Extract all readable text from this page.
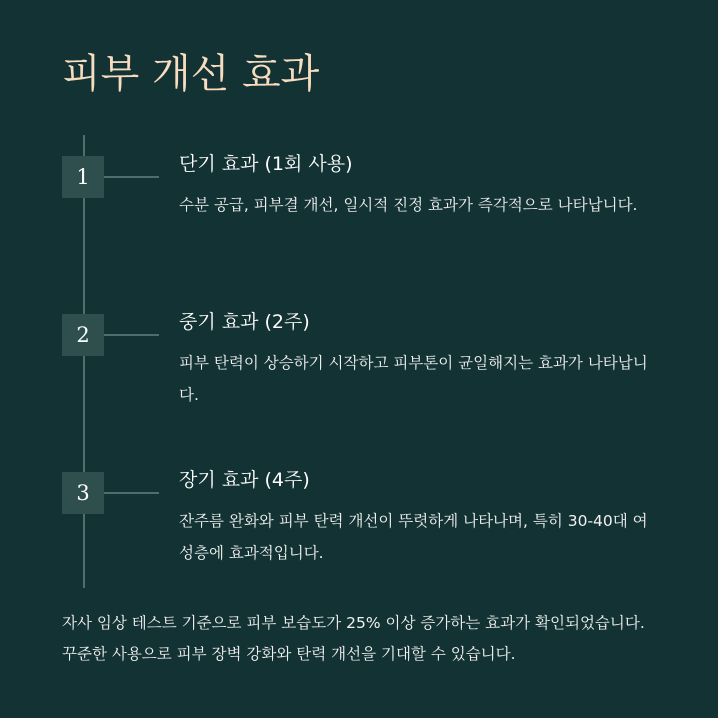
피부 개선 효과
1
단기 효과 (1회 사용)
수분 공급, 피부결 개선, 일시적 진정 효과가 즉각적으로 나타납니다.
2
중기 효과 (2주)
피부 탄력이 상승하기 시작하고 피부톤이 균일해지는 효과가 나타납니다.
3
장기 효과 (4주)
잔주름 완화와 피부 탄력 개선이 뚜렷하게 나타나며, 특히 30-40대 여성층에 효과적입니다.
자사 임상 테스트 기준으로 피부 보습도가 25% 이상 증가하는 효과가 확인되었습니다. 꾸준한 사용으로 피부 장벽 강화와 탄력 개선을 기대할 수 있습니다.
